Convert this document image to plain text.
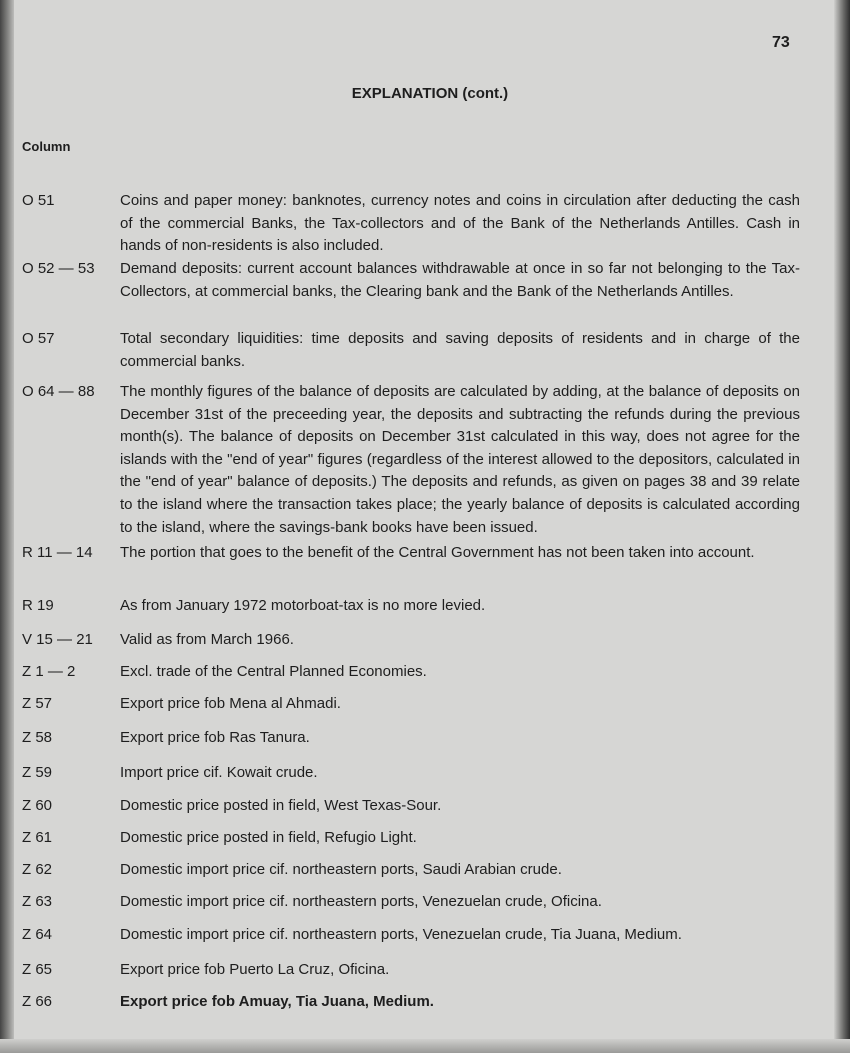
73
EXPLANATION (cont.)
Column
O 51	Coins and paper money: banknotes, currency notes and coins in circulation after deducting the cash of the commercial Banks, the Tax-collectors and of the Bank of the Netherlands Antilles. Cash in hands of non-residents is also included.
O 52 — 53	Demand deposits: current account balances withdrawable at once in so far not belonging to the Tax-Collectors, at commercial banks, the Clearing bank and the Bank of the Netherlands Antilles.
O 57	Total secondary liquidities: time deposits and saving deposits of residents and in charge of the commercial banks.
O 64 — 88	The monthly figures of the balance of deposits are calculated by adding, at the balance of deposits on December 31st of the preceeding year, the deposits and subtracting the refunds during the previous month(s). The balance of deposits on December 31st calculated in this way, does not agree for the islands with the "end of year" figures (regardless of the interest allowed to the depositors, calculated in the "end of year" balance of deposits.) The deposits and refunds, as given on pages 38 and 39 relate to the island where the transaction takes place; the yearly balance of deposits is calculated according to the island, where the savings-bank books have been issued.
R 11 — 14	The portion that goes to the benefit of the Central Government has not been taken into account.
R 19	As from January 1972 motorboat-tax is no more levied.
V 15 — 21	Valid as from March 1966.
Z 1 — 2	Excl. trade of the Central Planned Economies.
Z 57	Export price fob Mena al Ahmadi.
Z 58	Export price fob Ras Tanura.
Z 59	Import price cif. Kowait crude.
Z 60	Domestic price posted in field, West Texas-Sour.
Z 61	Domestic price posted in field, Refugio Light.
Z 62	Domestic import price cif. northeastern ports, Saudi Arabian crude.
Z 63	Domestic import price cif. northeastern ports, Venezuelan crude, Oficina.
Z 64	Domestic import price cif. northeastern ports, Venezuelan crude, Tia Juana, Medium.
Z 65	Export price fob Puerto La Cruz, Oficina.
Z 66	Export price fob Amuay, Tia Juana, Medium.
